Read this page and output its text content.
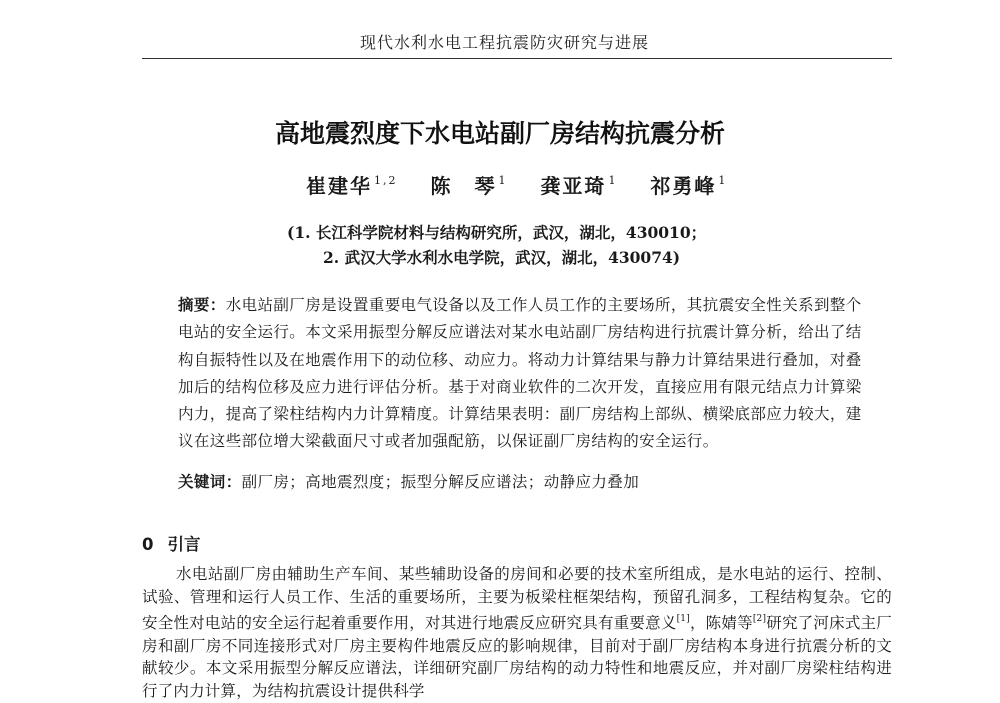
现代水利水电工程抗震防灾研究与进展
高地震烈度下水电站副厂房结构抗震分析
崔建华 $^{1,2}$ 陈　琴 $^1$ 龚亚琦 $^1$ 祁勇峰 $^1$
(1. 长江科学院材料与结构研究所，武汉，湖北，430010；
2. 武汉大学水利水电学院，武汉，湖北，430074)
摘要：水电站副厂房是设置重要电气设备以及工作人员工作的主要场所，其抗震安全性关系到整个电站的安全运行。本文采用振型分解反应谱法对某水电站副厂房结构进行抗震计算分析，给出了结构自振特性以及在地震作用下的动位移、动应力。将动力计算结果与静力计算结果进行叠加，对叠加后的结构位移及应力进行评估分析。基于对商业软件的二次开发，直接应用有限元结点力计算梁内力，提高了梁柱结构内力计算精度。计算结果表明：副厂房结构上部纵、横梁底部应力较大，建议在这些部位增大梁截面尺寸或者加强配筋，以保证副厂房结构的安全运行。
关键词：副厂房；高地震烈度；振型分解反应谱法；动静应力叠加
0 引言
水电站副厂房由辅助生产车间、某些辅助设备的房间和必要的技术室所组成，是水电站的运行、控制、试验、管理和运行人员工作、生活的重要场所，主要为板梁柱框架结构，预留孔洞多，工程结构复杂。它的安全性对电站的安全运行起着重要作用，对其进行地震反应研究具有重要意义[1]，陈婧等[2]研究了河床式主厂房和副厂房不同连接形式对厂房主要构件地震反应的影响规律，目前对于副厂房结构本身进行抗震分析的文献较少。本文采用振型分解反应谱法，详细研究副厂房结构的动力特性和地震反应，并对副厂房梁柱结构进行了内力计算，为结构抗震设计提供科学
